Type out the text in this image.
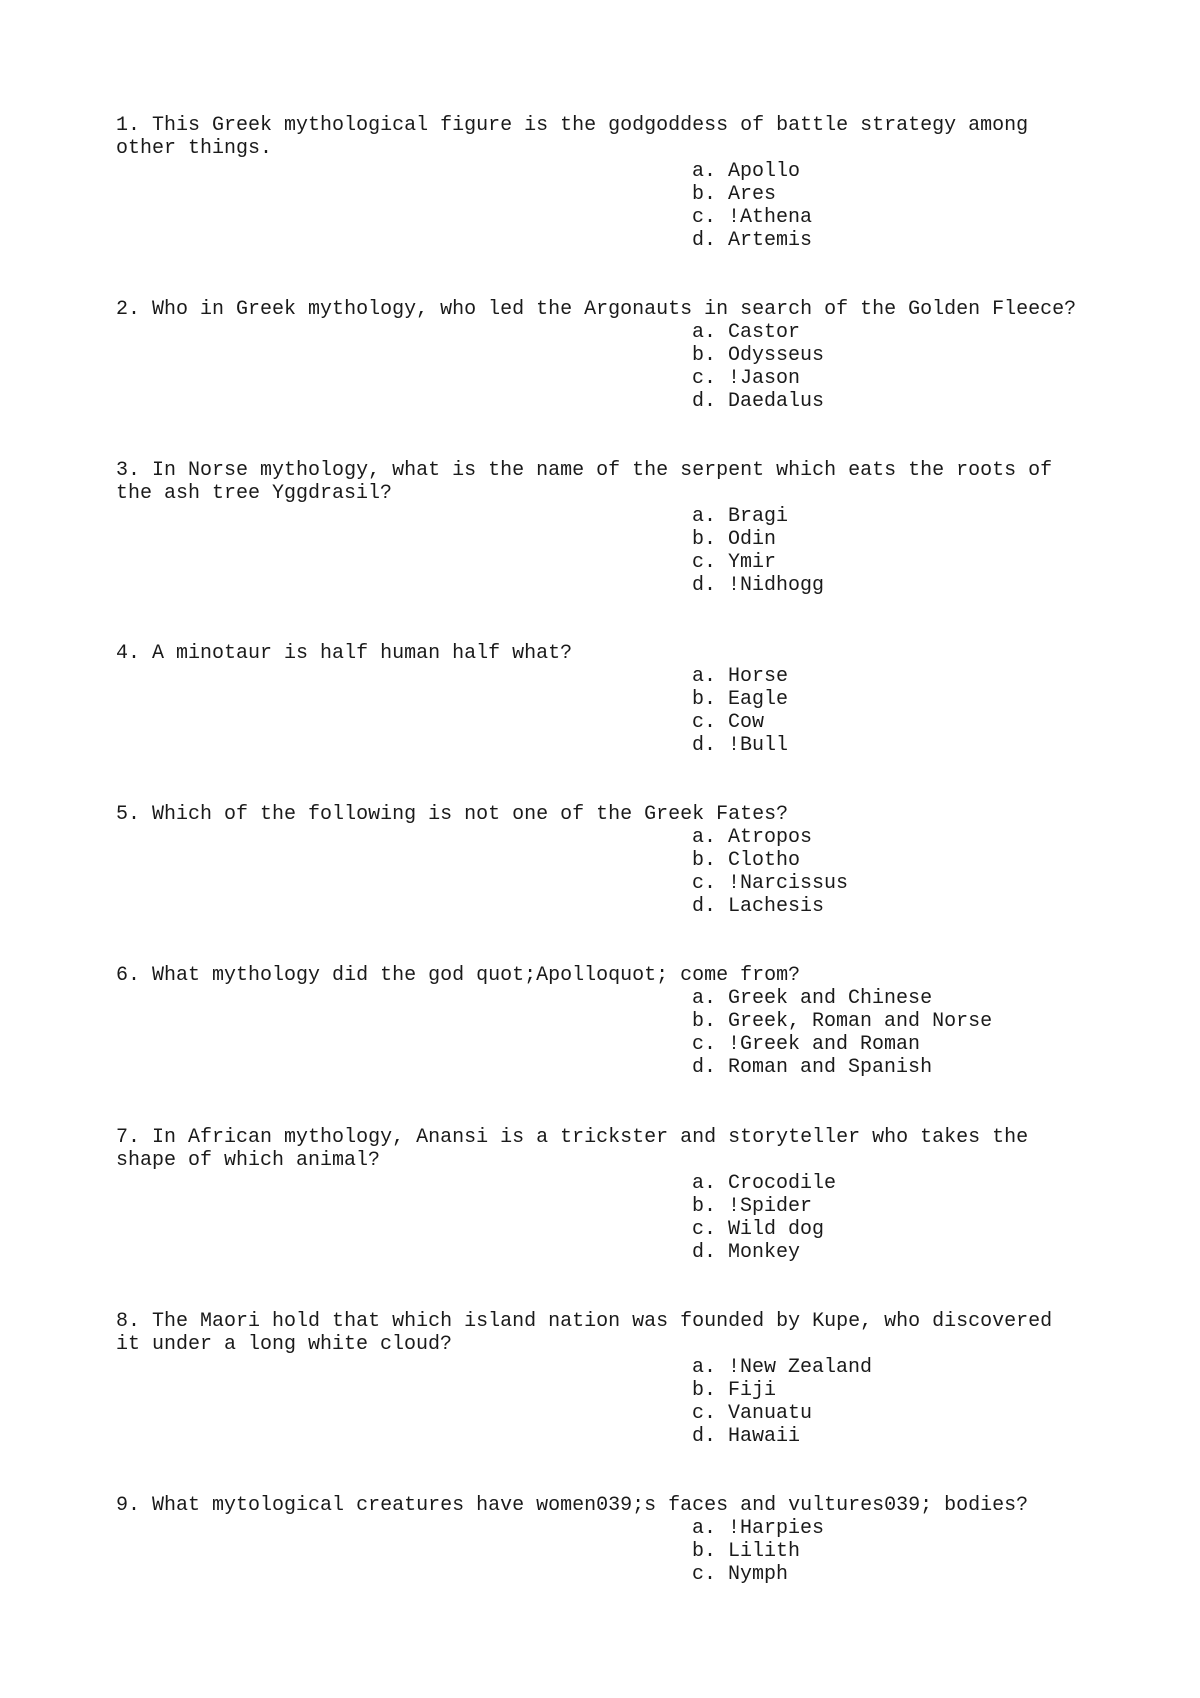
1. This Greek mythological figure is the godgoddess of battle strategy among
other things.

a. Apollo
b. Ares
c. !Athena
d. Artemis

2. Who in Greek mythology, who led the Argonauts in search of the Golden Fleece?

a. Castor
b. Odysseus
c. !Jason
d. Daedalus

3. In Norse mythology, what is the name of the serpent which eats the roots of
the ash tree Yggdrasil?

a. Bragi
b. Odin
c. Ymir
d. !Nidhogg

4. A minotaur is half human half what?

a. Horse
b. Eagle
c. Cow
d. !Bull

5. Which of the following is not one of the Greek Fates?

a. Atropos
b. Clotho
c. !Narcissus
d. Lachesis

6. What mythology did the god quot;Apolloquot; come from?

a. Greek and Chinese
b. Greek, Roman and Norse
c. !Greek and Roman
d. Roman and Spanish

7. In African mythology, Anansi is a trickster and storyteller who takes the
shape of which animal?

a. Crocodile
b. !Spider
c. Wild dog
d. Monkey

8. The Maori hold that which island nation was founded by Kupe, who discovered
it under a long white cloud?

a. !New Zealand
b. Fiji
c. Vanuatu
d. Hawaii

9. What mytological creatures have women039;s faces and vultures039; bodies?

a. !Harpies
b. Lilith
c. Nymph
